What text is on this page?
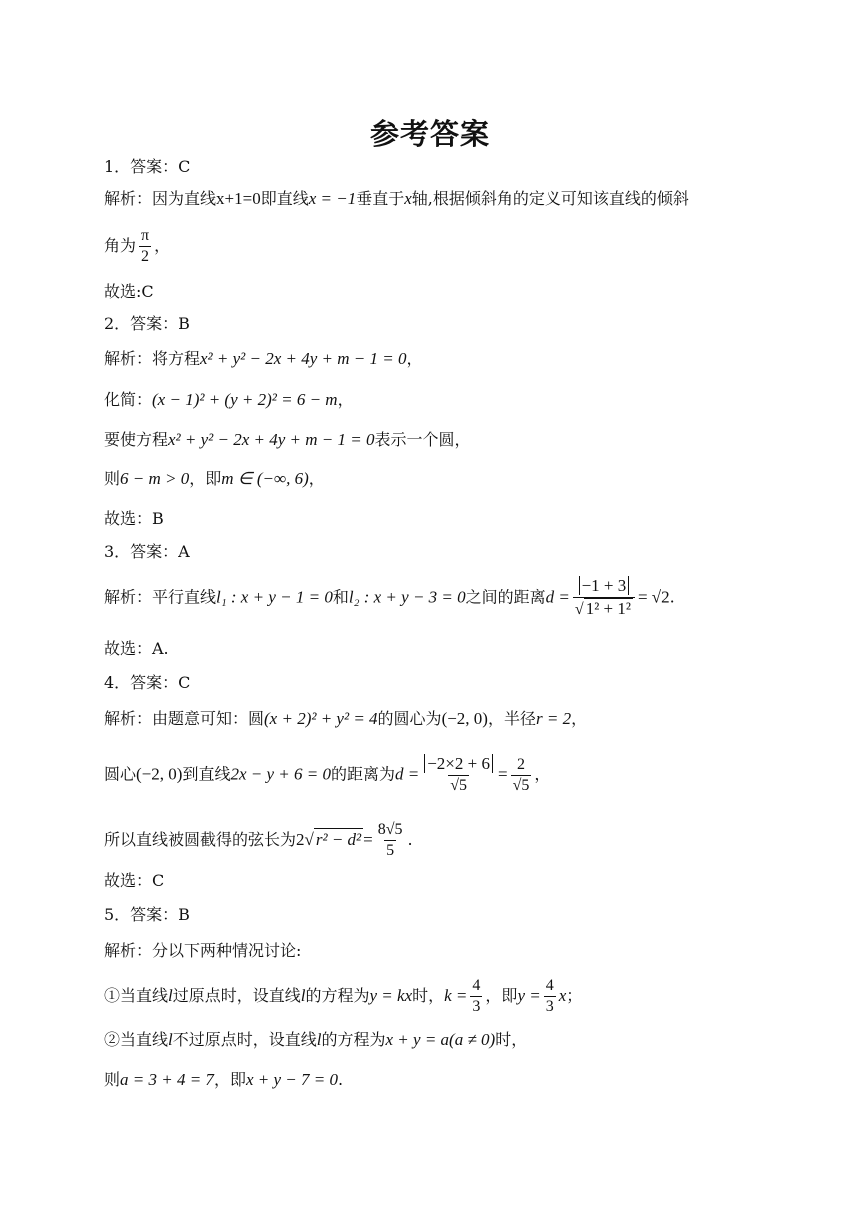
参考答案
1．答案：C
解析：因为直线x+1=0即直线x = −1垂直于x轴,根据倾斜角的定义可知该直线的倾斜
角为 $\frac{\pi}{2}$ ，
故选:C
2．答案：B
解析：将方程x² + y² − 2x + 4y + m − 1 = 0，
化简：(x − 1)² + (y + 2)² = 6 − m，
要使方程x² + y² − 2x + 4y + m − 1 = 0表示一个圆，
则6 − m > 0，即m ∈ (−∞, 6)，
故选：B
3．答案：A
解析：平行直线l₁ : x + y − 1 = 0和l₂ : x + y − 3 = 0之间的距离$d = \frac{-1 + 3}{\text{√ 1² + 1²}} = √2$.
故选：A.
4．答案：C
解析：由题意可知：圆(x + 2)² + y² = 4的圆心为(−2, 0)，半径r = 2，
圆心(−2, 0)到直线2x − y + 6 = 0的距离为$d = \frac{-2\times 2 + 6}{√5} = \frac{2}{√5}$ ，
所以直线被圆截得的弦长为2√ $r^2 - d^2 = \frac{8√5}{5}$ .
故选：C
5．答案：B
解析：分以下两种情况讨论:
①当直线l过原点时，设直线l的方程为y = kx时，$k = \frac{4}{3}$ ，即$y = \frac{4}{3}$ x；
②当直线l不过原点时，设直线l的方程为x + y = a(a ≠ 0)时，
则a = 3 + 4 = 7，即x + y − 7 = 0.
